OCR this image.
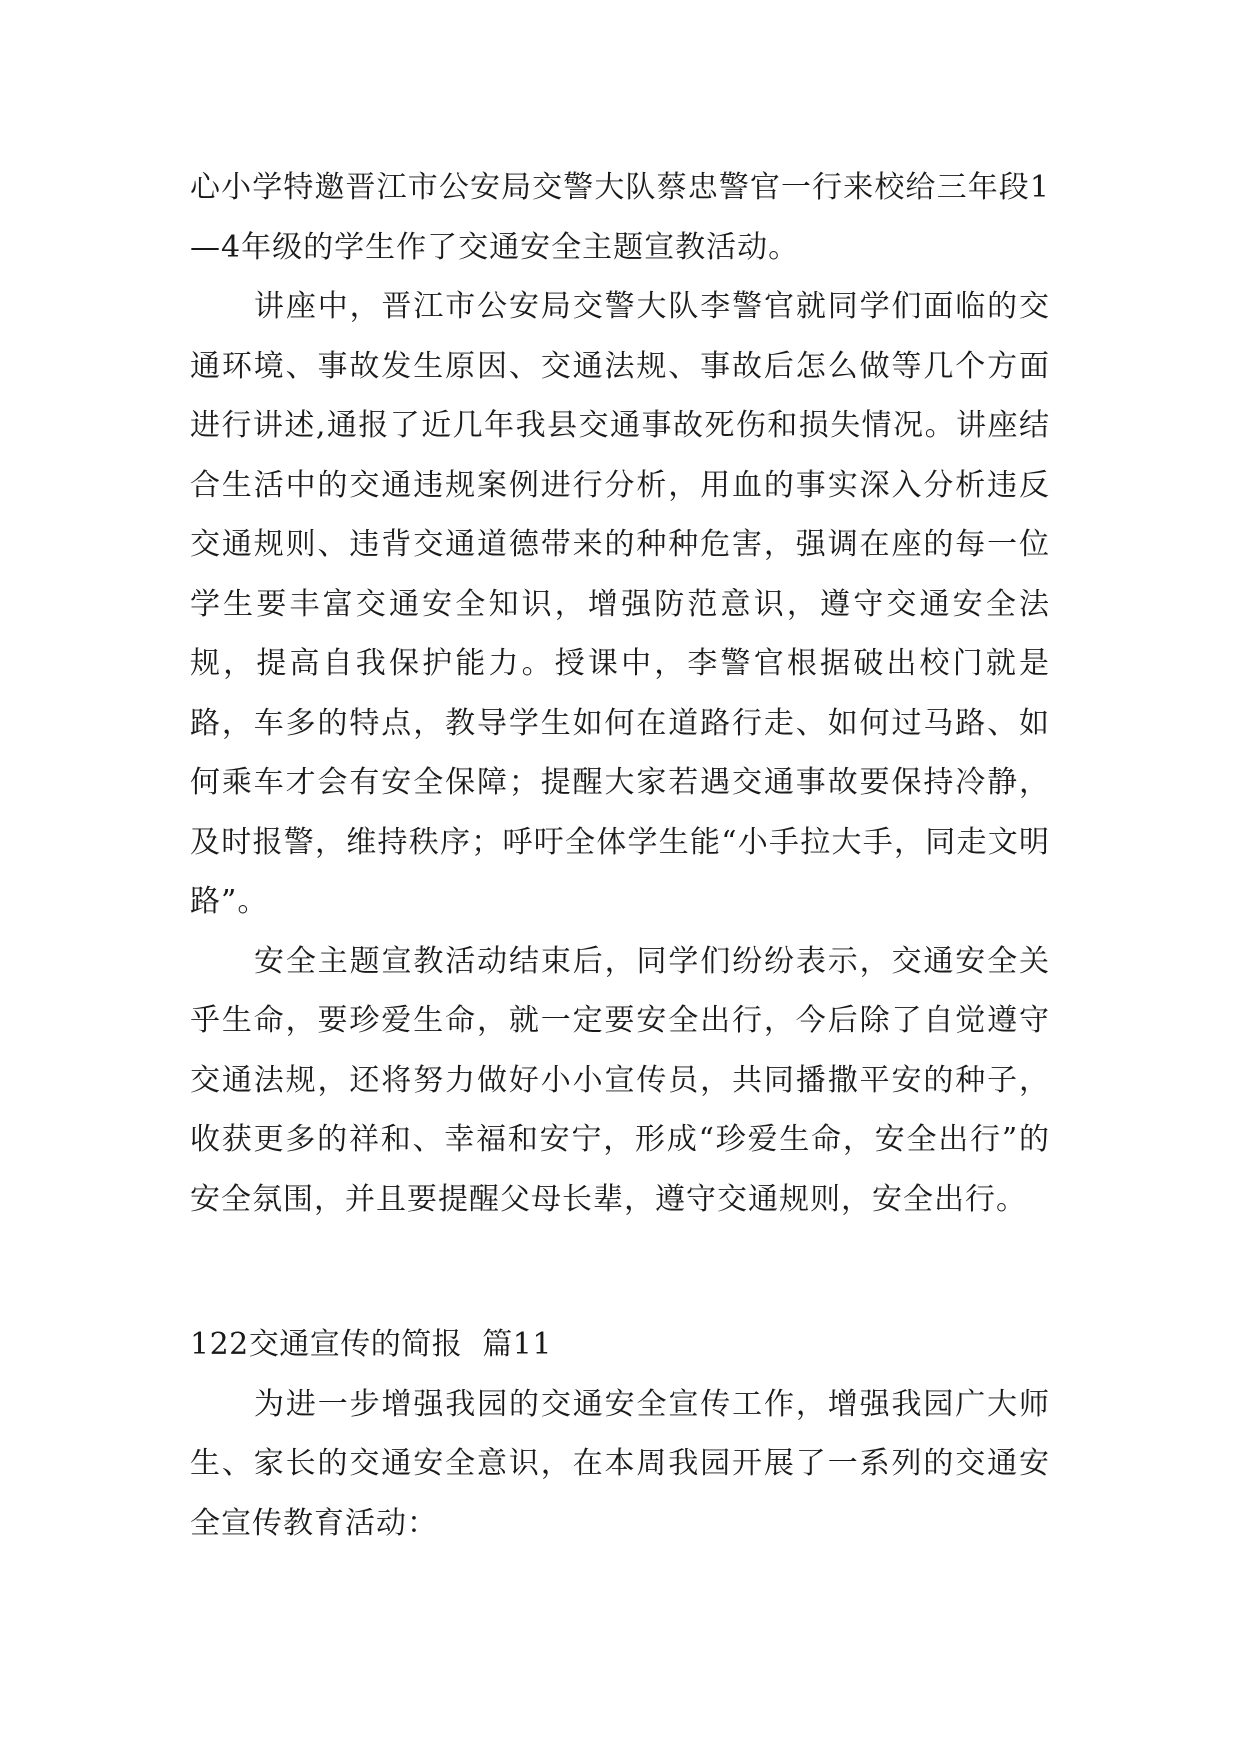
心小学特邀晋江市公安局交警大队蔡忠警官一行来校给三年段1—4年级的学生作了交通安全主题宣教活动。

讲座中，晋江市公安局交警大队李警官就同学们面临的交通环境、事故发生原因、交通法规、事故后怎么做等几个方面进行讲述,通报了近几年我县交通事故死伤和损失情况。讲座结合生活中的交通违规案例进行分析，用血的事实深入分析违反交通规则、违背交通道德带来的种种危害，强调在座的每一位学生要丰富交通安全知识，增强防范意识，遵守交通安全法规，提高自我保护能力。授课中，李警官根据破出校门就是路，车多的特点，教导学生如何在道路行走、如何过马路、如何乘车才会有安全保障；提醒大家若遇交通事故要保持冷静，及时报警，维持秩序；呼吁全体学生能“小手拉大手，同走文明路”。

安全主题宣教活动结束后，同学们纷纷表示，交通安全关乎生命，要珍爱生命，就一定要安全出行，今后除了自觉遵守交通法规，还将努力做好小小宣传员，共同播撒平安的种子，收获更多的祥和、幸福和安宁，形成“珍爱生命，安全出行”的安全氛围，并且要提醒父母长辈，遵守交通规则，安全出行。

122交通宣传的简报 篇11

为进一步增强我园的交通安全宣传工作，增强我园广大师生、家长的交通安全意识，在本周我园开展了一系列的交通安全宣传教育活动：
